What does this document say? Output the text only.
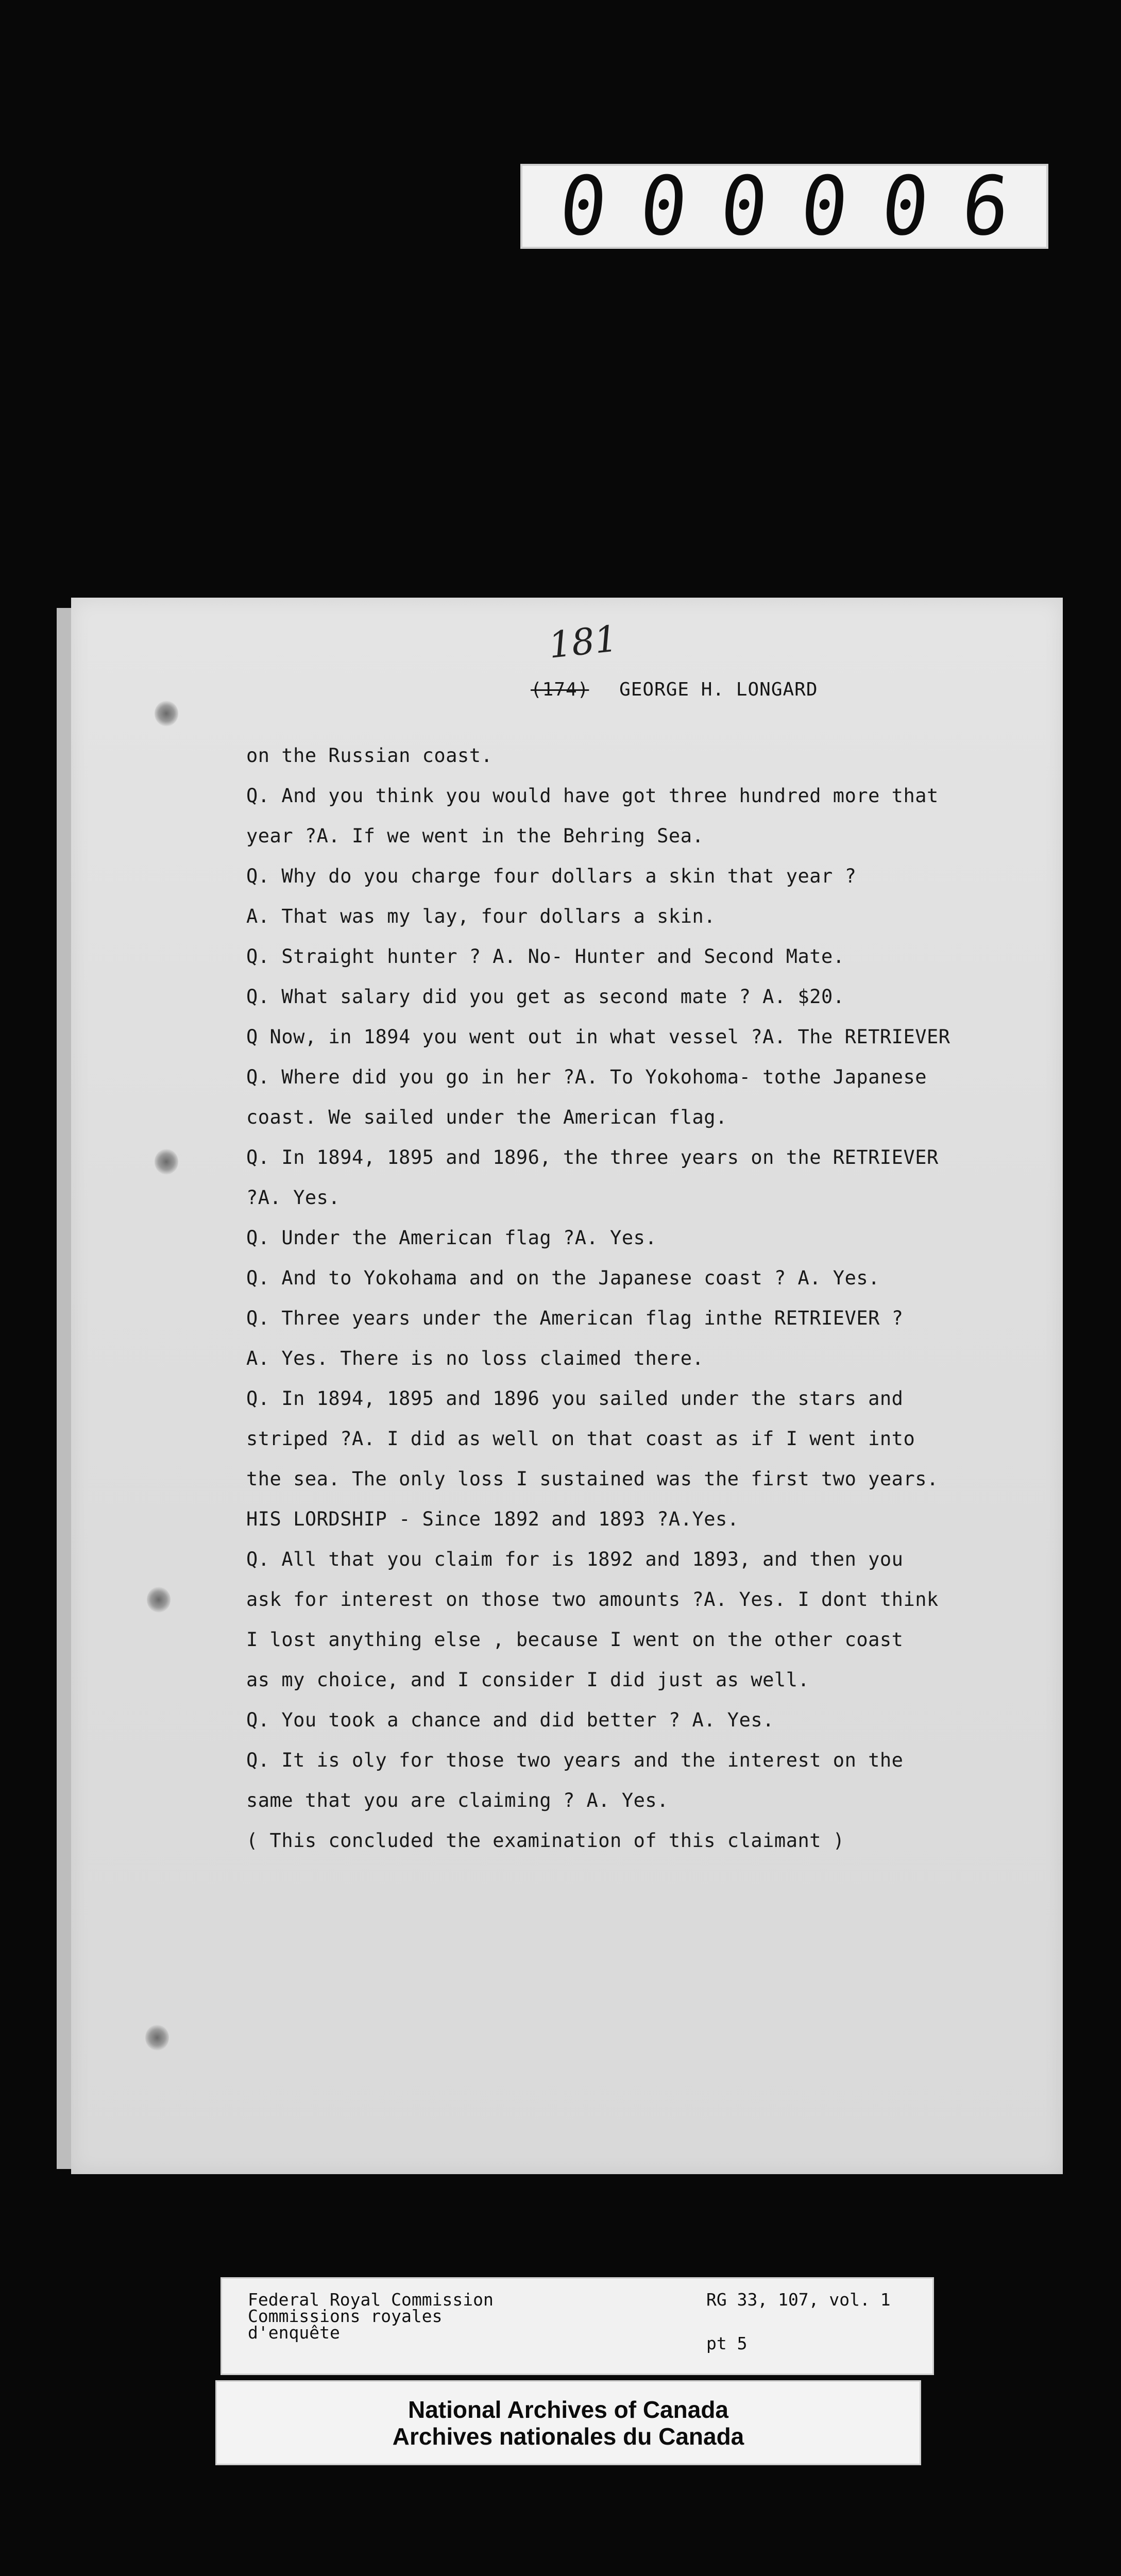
0 0 0 0 0 6
181
(174) GEORGE H. LONGARD
on the Russian coast.
Q. And you think you would have got three hundred more that
year ?A. If we went in the Behring Sea.
Q. Why do you charge four dollars a skin that year ?
A. That was my lay, four dollars a skin.
Q. Straight hunter ? A. No- Hunter and Second Mate.
Q. What salary did you get as second mate ? A. $20.
Q Now, in 1894 you went out in what vessel ?A. The RETRIEVER
Q. Where did you go in her ?A. To Yokohoma- tothe Japanese
coast. We sailed under the American flag.
Q. In 1894, 1895 and 1896, the three years on the RETRIEVER
?A. Yes.
Q. Under the American flag ?A. Yes.
Q. And to Yokohama and on the Japanese coast ? A. Yes.
Q. Three years under the American flag inthe RETRIEVER ?
A. Yes. There is no loss claimed there.
Q. In 1894, 1895 and 1896 you sailed under the stars and
striped ?A. I did as well on that coast as if I went into
the sea. The only loss I sustained was the first two years.
HIS LORDSHIP - Since 1892 and 1893 ?A.Yes.
Q. All that you claim for is 1892 and 1893, and then you
ask for interest on those two amounts ?A. Yes. I dont think
I lost anything else , because I went on the other coast
as my choice, and I consider I did just as well.
Q. You took a chance and did better ? A. Yes.
Q. It is oly for those two years and the interest on the
same that you are claiming ? A. Yes.
( This concluded the examination of this claimant )
Federal Royal Commission
Commissions royales
d'enquête
RG 33, 107, vol. 1
pt 5
National Archives of Canada
Archives nationales du Canada
